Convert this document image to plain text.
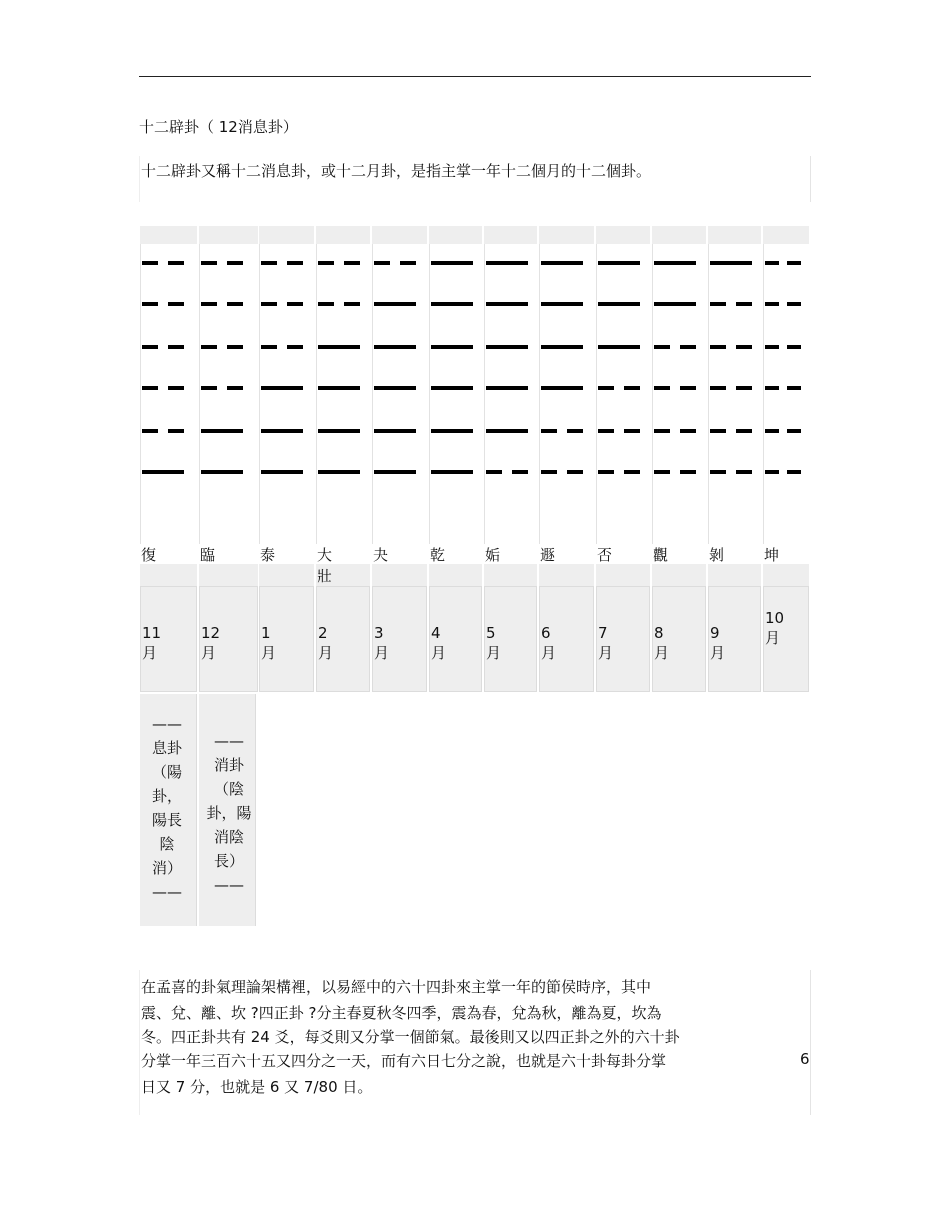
十二辟卦（ 12消息卦）
十二辟卦又稱十二消息卦，或十二月卦，是指主掌一年十二個月的十二個卦。
復
11 月
臨
12 月
泰
1 月
大壯
2 月
夬
3 月
乾
4 月
姤
5 月
遯
6 月
否
7 月
觀
8 月
剝
9 月
坤
10 月
——
息卦
（陽
卦，
陽長
陰
消）
——
——
消卦
（陰
卦，陽
消陰
長）
——
在孟喜的卦氣理論架構裡，以易經中的六十四卦來主掌一年的節侯時序，其中
震、兌、離、坎 ?四正卦 ?分主春夏秋冬四季，震為春，兌為秋，離為夏，坎為
冬。四正卦共有 24 爻，每爻則又分掌一個節氣。最後則又以四正卦之外的六十卦
分掌一年三百六十五又四分之一天，而有六日七分之說，也就是六十卦每卦分掌
日又 7 分，也就是 6 又 7/80 日。
6
